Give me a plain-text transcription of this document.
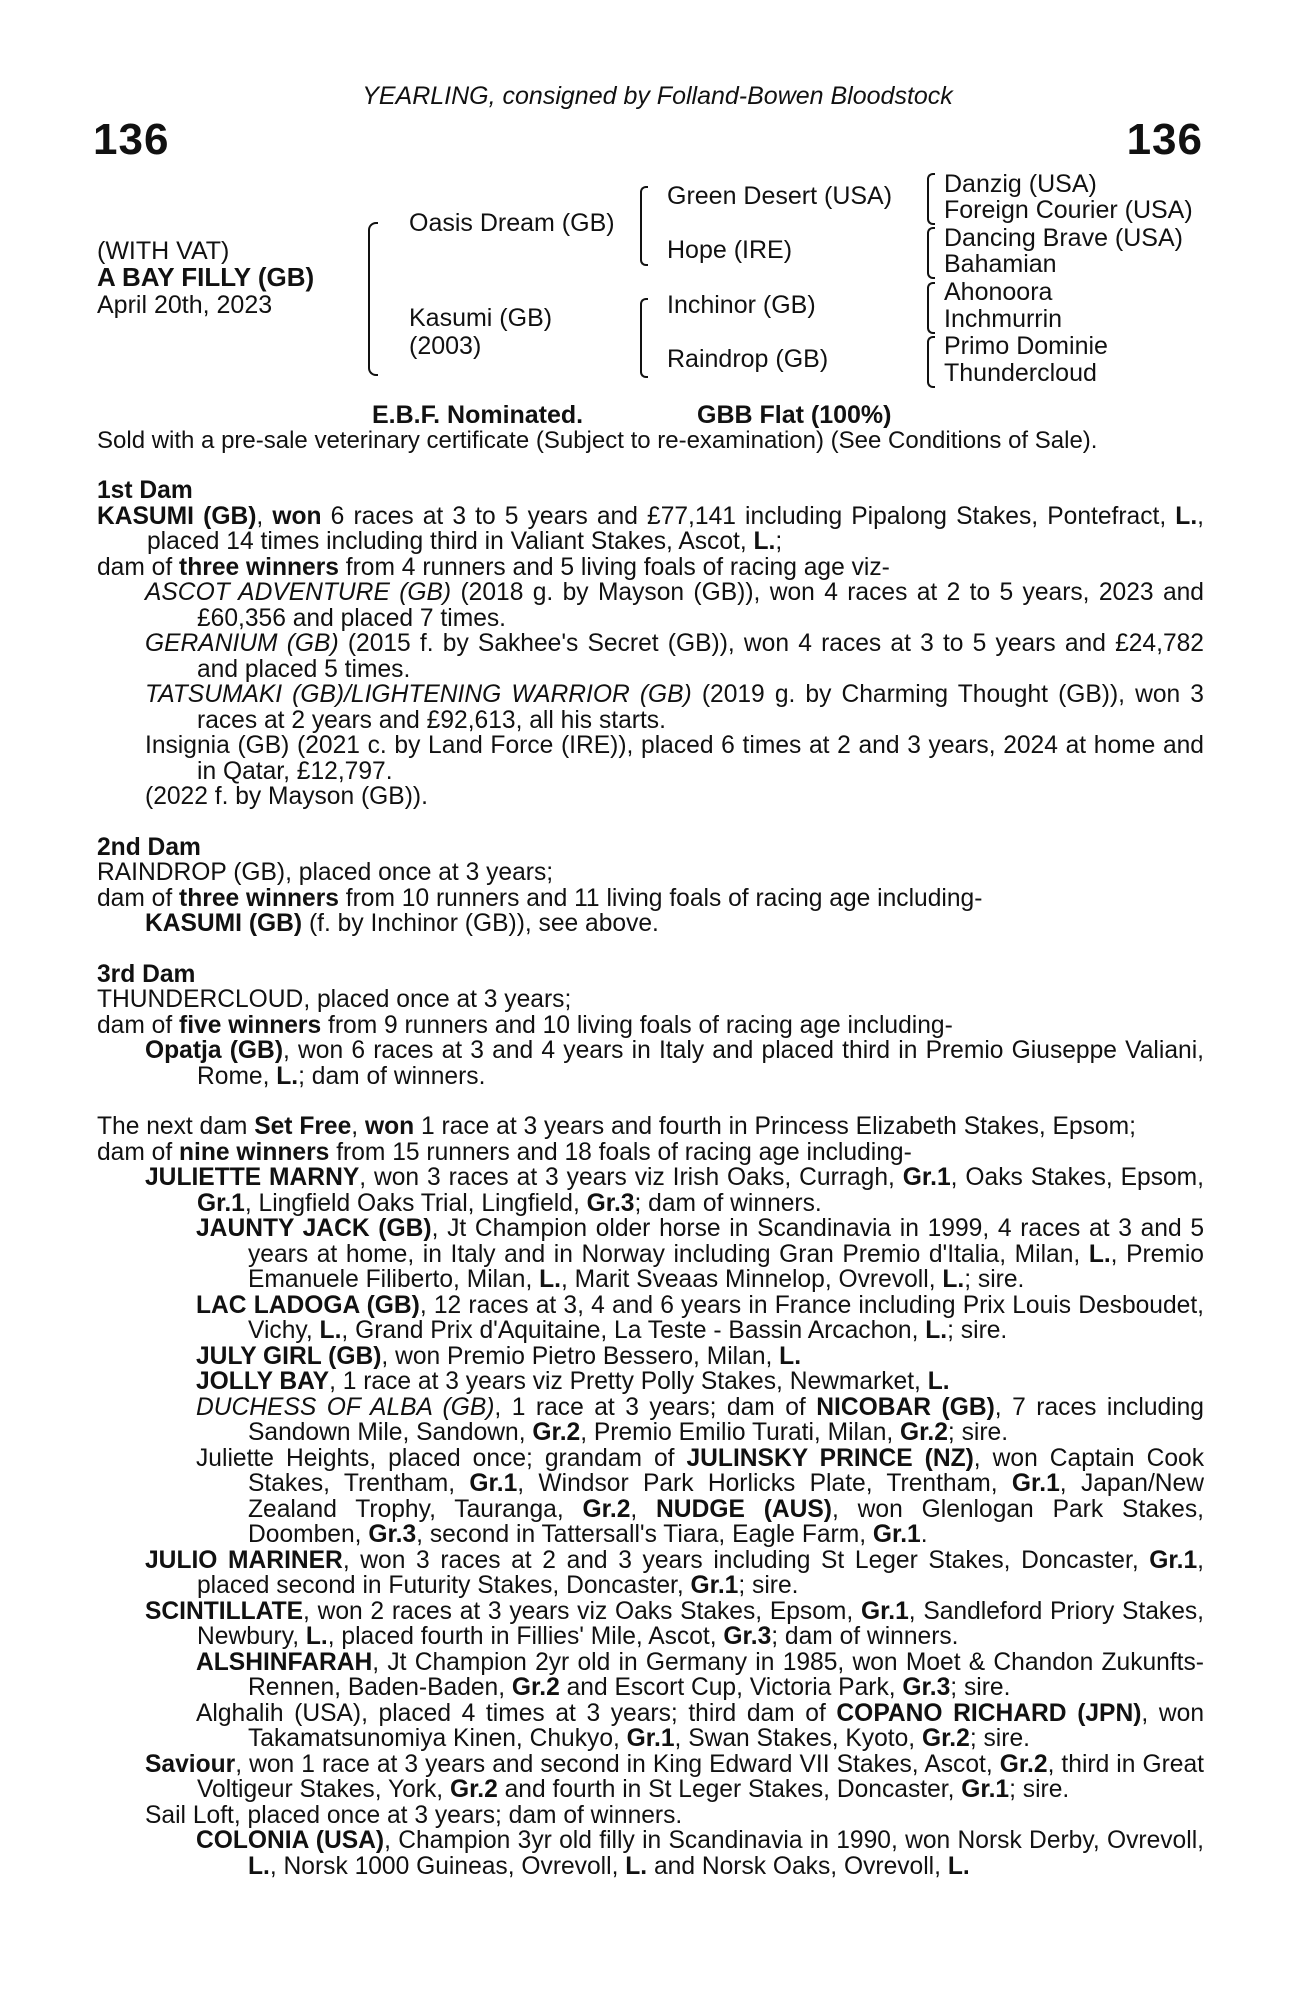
136	136
YEARLING, consigned by Folland-Bowen Bloodstock
(WITH VAT)
A BAY FILLY (GB)
April 20th, 2023
Oasis Dream (GB)
Kasumi (GB)
(2003)
Green Desert (USA)
Hope (IRE)
Inchinor (GB)
Raindrop (GB)
Danzig (USA)
Foreign Courier (USA)
Dancing Brave (USA)
Bahamian
Ahonoora
Inchmurrin
Primo Dominie
Thundercloud
E.B.F. Nominated.	GBB Flat (100%)
Sold with a pre-sale veterinary certificate (Subject to re-examination) (See Conditions of Sale).

1st Dam

KASUMI (GB), won 6 races at 3 to 5 years and £77,141 including Pipalong Stakes, Pontefract, L., placed 14 times including third in Valiant Stakes, Ascot, L.;

dam of three winners from 4 runners and 5 living foals of racing age viz-

ASCOT ADVENTURE (GB) (2018 g. by Mayson (GB)), won 4 races at 2 to 5 years, 2023 and £60,356 and placed 7 times.

GERANIUM (GB) (2015 f. by Sakhee's Secret (GB)), won 4 races at 3 to 5 years and £24,782 and placed 5 times.

TATSUMAKI (GB)/LIGHTENING WARRIOR (GB) (2019 g. by Charming Thought (GB)), won 3 races at 2 years and £92,613, all his starts.

Insignia (GB) (2021 c. by Land Force (IRE)), placed 6 times at 2 and 3 years, 2024 at home and in Qatar, £12,797.

(2022 f. by Mayson (GB)).

2nd Dam

RAINDROP (GB), placed once at 3 years;

dam of three winners from 10 runners and 11 living foals of racing age including-

KASUMI (GB) (f. by Inchinor (GB)), see above.

3rd Dam

THUNDERCLOUD, placed once at 3 years;

dam of five winners from 9 runners and 10 living foals of racing age including-

Opatja (GB), won 6 races at 3 and 4 years in Italy and placed third in Premio Giuseppe Valiani, Rome, L.; dam of winners.

The next dam Set Free, won 1 race at 3 years and fourth in Princess Elizabeth Stakes, Epsom;

dam of nine winners from 15 runners and 18 foals of racing age including-

JULIETTE MARNY, won 3 races at 3 years viz Irish Oaks, Curragh, Gr.1, Oaks Stakes, Epsom, Gr.1, Lingfield Oaks Trial, Lingfield, Gr.3; dam of winners.

JAUNTY JACK (GB), Jt Champion older horse in Scandinavia in 1999, 4 races at 3 and 5 years at home, in Italy and in Norway including Gran Premio d'Italia, Milan, L., Premio Emanuele Filiberto, Milan, L., Marit Sveaas Minnelop, Ovrevoll, L.; sire.

LAC LADOGA (GB), 12 races at 3, 4 and 6 years in France including Prix Louis Desboudet, Vichy, L., Grand Prix d'Aquitaine, La Teste - Bassin Arcachon, L.; sire.

JULY GIRL (GB), won Premio Pietro Bessero, Milan, L.

JOLLY BAY, 1 race at 3 years viz Pretty Polly Stakes, Newmarket, L.

DUCHESS OF ALBA (GB), 1 race at 3 years; dam of NICOBAR (GB), 7 races including Sandown Mile, Sandown, Gr.2, Premio Emilio Turati, Milan, Gr.2; sire.

Juliette Heights, placed once; grandam of JULINSKY PRINCE (NZ), won Captain Cook Stakes, Trentham, Gr.1, Windsor Park Horlicks Plate, Trentham, Gr.1, Japan/New Zealand Trophy, Tauranga, Gr.2, NUDGE (AUS), won Glenlogan Park Stakes, Doomben, Gr.3, second in Tattersall's Tiara, Eagle Farm, Gr.1.

JULIO MARINER, won 3 races at 2 and 3 years including St Leger Stakes, Doncaster, Gr.1, placed second in Futurity Stakes, Doncaster, Gr.1; sire.

SCINTILLATE, won 2 races at 3 years viz Oaks Stakes, Epsom, Gr.1, Sandleford Priory Stakes, Newbury, L., placed fourth in Fillies' Mile, Ascot, Gr.3; dam of winners.

ALSHINFARAH, Jt Champion 2yr old in Germany in 1985, won Moet & Chandon Zukunfts-Rennen, Baden-Baden, Gr.2 and Escort Cup, Victoria Park, Gr.3; sire.

Alghalih (USA), placed 4 times at 3 years; third dam of COPANO RICHARD (JPN), won Takamatsunomiya Kinen, Chukyo, Gr.1, Swan Stakes, Kyoto, Gr.2; sire.

Saviour, won 1 race at 3 years and second in King Edward VII Stakes, Ascot, Gr.2, third in Great Voltigeur Stakes, York, Gr.2 and fourth in St Leger Stakes, Doncaster, Gr.1; sire.

Sail Loft, placed once at 3 years; dam of winners.

COLONIA (USA), Champion 3yr old filly in Scandinavia in 1990, won Norsk Derby, Ovrevoll, L., Norsk 1000 Guineas, Ovrevoll, L. and Norsk Oaks, Ovrevoll, L.
